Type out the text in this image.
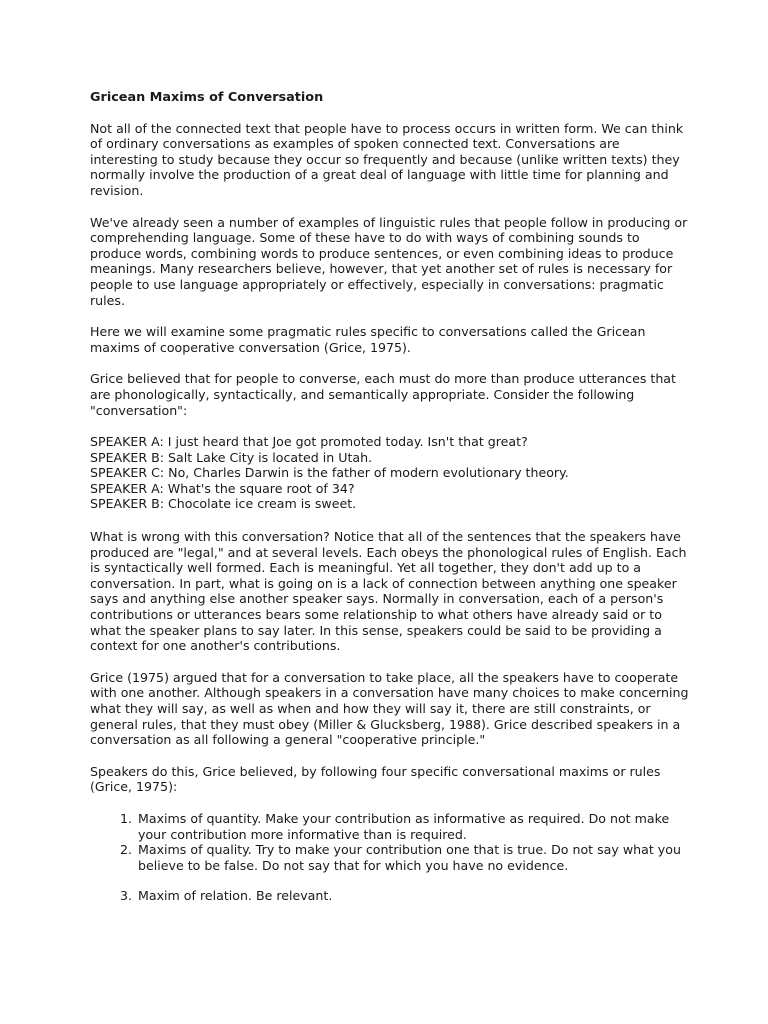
Gricean Maxims of Conversation

Not all of the connected text that people have to process occurs in written form. We can think of ordinary conversations as examples of spoken connected text. Conversations are interesting to study because they occur so frequently and because (unlike written texts) they normally involve the production of a great deal of language with little time for planning and revision.

We've already seen a number of examples of linguistic rules that people follow in producing or comprehending language. Some of these have to do with ways of combining sounds to produce words, combining words to produce sentences, or even combining ideas to produce meanings. Many researchers believe, however, that yet another set of rules is necessary for people to use language appropriately or effectively, especially in conversations: pragmatic rules.

Here we will examine some pragmatic rules specific to conversations called the Gricean maxims of cooperative conversation (Grice, 1975).

Grice believed that for people to converse, each must do more than produce utterances that are phonologically, syntactically, and semantically appropriate. Consider the following "conversation":

SPEAKER A: I just heard that Joe got promoted today. Isn't that great?
SPEAKER B: Salt Lake City is located in Utah.
SPEAKER C: No, Charles Darwin is the father of modern evolutionary theory.
SPEAKER A: What's the square root of 34?
SPEAKER B: Chocolate ice cream is sweet.

What is wrong with this conversation? Notice that all of the sentences that the speakers have produced are "legal," and at several levels. Each obeys the phonological rules of English. Each is syntactically well formed. Each is meaningful. Yet all together, they don't add up to a conversation. In part, what is going on is a lack of connection between anything one speaker says and anything else another speaker says. Normally in conversation, each of a person's contributions or utterances bears some relationship to what others have already said or to what the speaker plans to say later. In this sense, speakers could be said to be providing a context for one another's contributions.

Grice (1975) argued that for a conversation to take place, all the speakers have to cooperate with one another. Although speakers in a conversation have many choices to make concerning what they will say, as well as when and how they will say it, there are still constraints, or general rules, that they must obey (Miller & Glucksberg, 1988). Grice described speakers in a conversation as all following a general "cooperative principle."

Speakers do this, Grice believed, by following four specific conversational maxims or rules (Grice, 1975):

1. Maxims of quantity. Make your contribution as informative as required. Do not make your contribution more informative than is required.
2. Maxims of quality. Try to make your contribution one that is true. Do not say what you believe to be false. Do not say that for which you have no evidence.
3. Maxim of relation. Be relevant.
